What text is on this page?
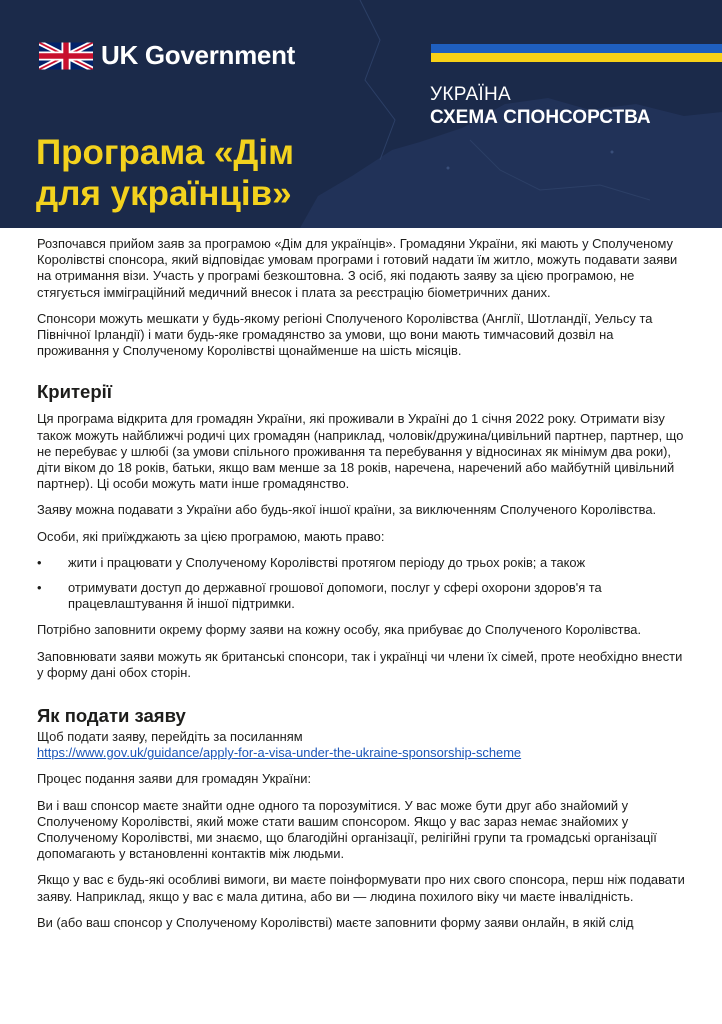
UK Government
УКРАЇНА
СХЕМА СПОНСОРСТВА
Програма «Дім
для українців»

Розпочався прийом заяв за програмою «Дім для українців». Громадяни України, які мають у Сполученому Королівстві спонсора, який відповідає умовам програми і готовий надати їм житло, можуть подавати заяви на отримання візи. Участь у програмі безкоштовна. З осіб, які подають заяву за цією програмою, не стягується імміграційний медичний внесок і плата за реєстрацію біометричних даних.

Спонсори можуть мешкати у будь-якому регіоні Сполученого Королівства (Англії, Шотландії, Уельсу та Північної Ірландії) і мати будь-яке громадянство за умови, що вони мають тимчасовий дозвіл на проживання у Сполученому Королівстві щонайменше на шість місяців.

Критерії

Ця програма відкрита для громадян України, які проживали в Україні до 1 січня 2022 року. Отримати візу також можуть найближчі родичі цих громадян (наприклад, чоловік/дружина/цивільний партнер, партнер, що не перебуває у шлюбі (за умови спільного проживання та перебування у відносинах як мінімум два роки), діти віком до 18 років, батьки, якщо вам менше за 18 років, наречена, наречений або майбутній цивільний партнер). Ці особи можуть мати інше громадянство.

Заяву можна подавати з України або будь-якої іншої країни, за виключенням Сполученого Королівства.

Особи, які приїжджають за цією програмою, мають право:

•	жити і працювати у Сполученому Королівстві протягом періоду до трьох років; а також
•	отримувати доступ до державної грошової допомоги, послуг у сфері охорони здоров'я та працевлаштування й іншої підтримки.

Потрібно заповнити окрему форму заяви на кожну особу, яка прибуває до Сполученого Королівства.

Заповнювати заяви можуть як британські спонсори, так і українці чи члени їх сімей, проте необхідно внести у форму дані обох сторін.

Як подати заяву

Щоб подати заяву, перейдіть за посиланням

https://www.gov.uk/guidance/apply-for-a-visa-under-the-ukraine-sponsorship-scheme

Процес подання заяви для громадян України:

Ви і ваш спонсор маєте знайти одне одного та порозумітися. У вас може бути друг або знайомий у Сполученому Королівстві, який може стати вашим спонсором. Якщо у вас зараз немає знайомих у Сполученому Королівстві, ми знаємо, що благодійні організації, релігійні групи та громадські організації допомагають у встановленні контактів між людьми.

Якщо у вас є будь-які особливі вимоги, ви маєте поінформувати про них свого спонсора, перш ніж подавати заяву. Наприклад, якщо у вас є мала дитина, або ви — людина похилого віку чи маєте інвалідність.

Ви (або ваш спонсор у Сполученому Королівстві) маєте заповнити форму заяви онлайн, в якій слід
